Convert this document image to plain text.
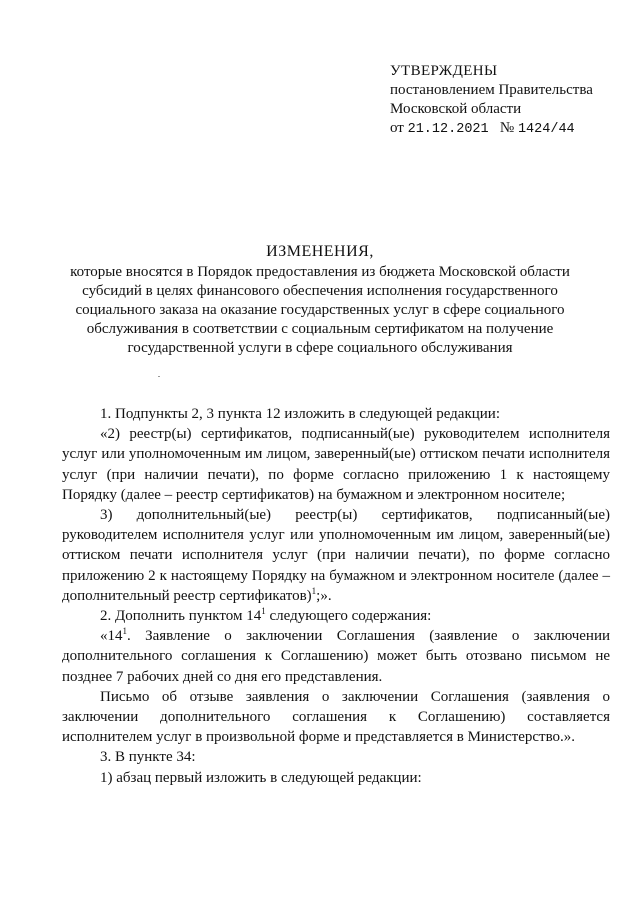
УТВЕРЖДЕНЫ
постановлением Правительства
Московской области
от 21.12.2021 № 1424/44
ИЗМЕНЕНИЯ,
которые вносятся в Порядок предоставления из бюджета Московской области субсидий в целях финансового обеспечения исполнения государственного социального заказа на оказание государственных услуг в сфере социального обслуживания в соответствии с социальным сертификатом на получение государственной услуги в сфере социального обслуживания

1. Подпункты 2, 3 пункта 12 изложить в следующей редакции:

«2) реестр(ы) сертификатов, подписанный(ые) руководителем исполнителя услуг или уполномоченным им лицом, заверенный(ые) оттиском печати исполнителя услуг (при наличии печати), по форме согласно приложению 1 к настоящему Порядку (далее – реестр сертификатов) на бумажном и электронном носителе;

3) дополнительный(ые) реестр(ы) сертификатов, подписанный(ые) руководителем исполнителя услуг или уполномоченным им лицом, заверенный(ые) оттиском печати исполнителя услуг (при наличии печати), по форме согласно приложению 2 к настоящему Порядку на бумажном и электронном носителе (далее – дополнительный реестр сертификатов)$^1$;».

2. Дополнить пунктом $14^1$ следующего содержания:

«$14^1$. Заявление о заключении Соглашения (заявление о заключении дополнительного соглашения к Соглашению) может быть отозвано письмом не позднее 7 рабочих дней со дня его представления.

Письмо об отзыве заявления о заключении Соглашения (заявления о заключении дополнительного соглашения к Соглашению) составляется исполнителем услуг в произвольной форме и представляется в Министерство.».

3. В пункте 34:

1) абзац первый изложить в следующей редакции:
